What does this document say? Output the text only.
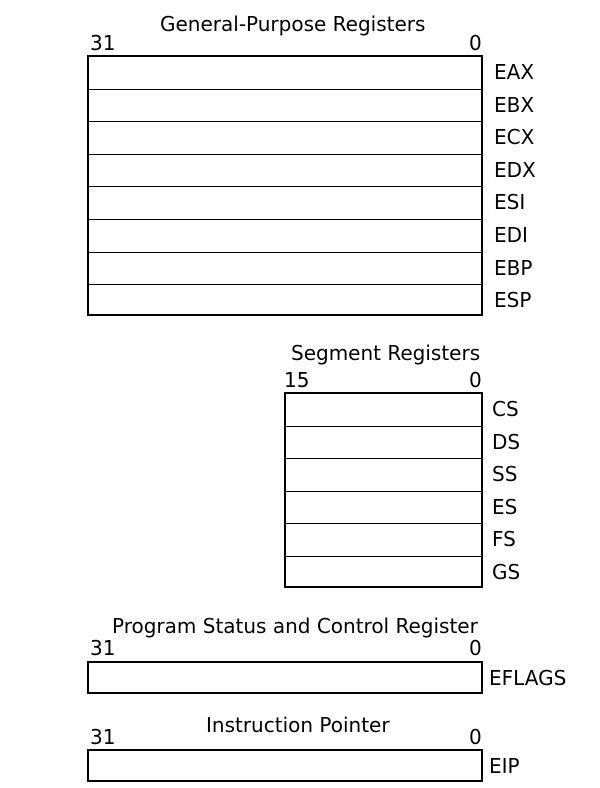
General-Purpose Registers
31	0
EAX
EBX
ECX
EDX
ESI
EDI
EBP
ESP
Segment Registers
15	0
CS
DS
SS
ES
FS
GS
Program Status and Control Register
31	0
EFLAGS
Instruction Pointer
31	0
EIP
